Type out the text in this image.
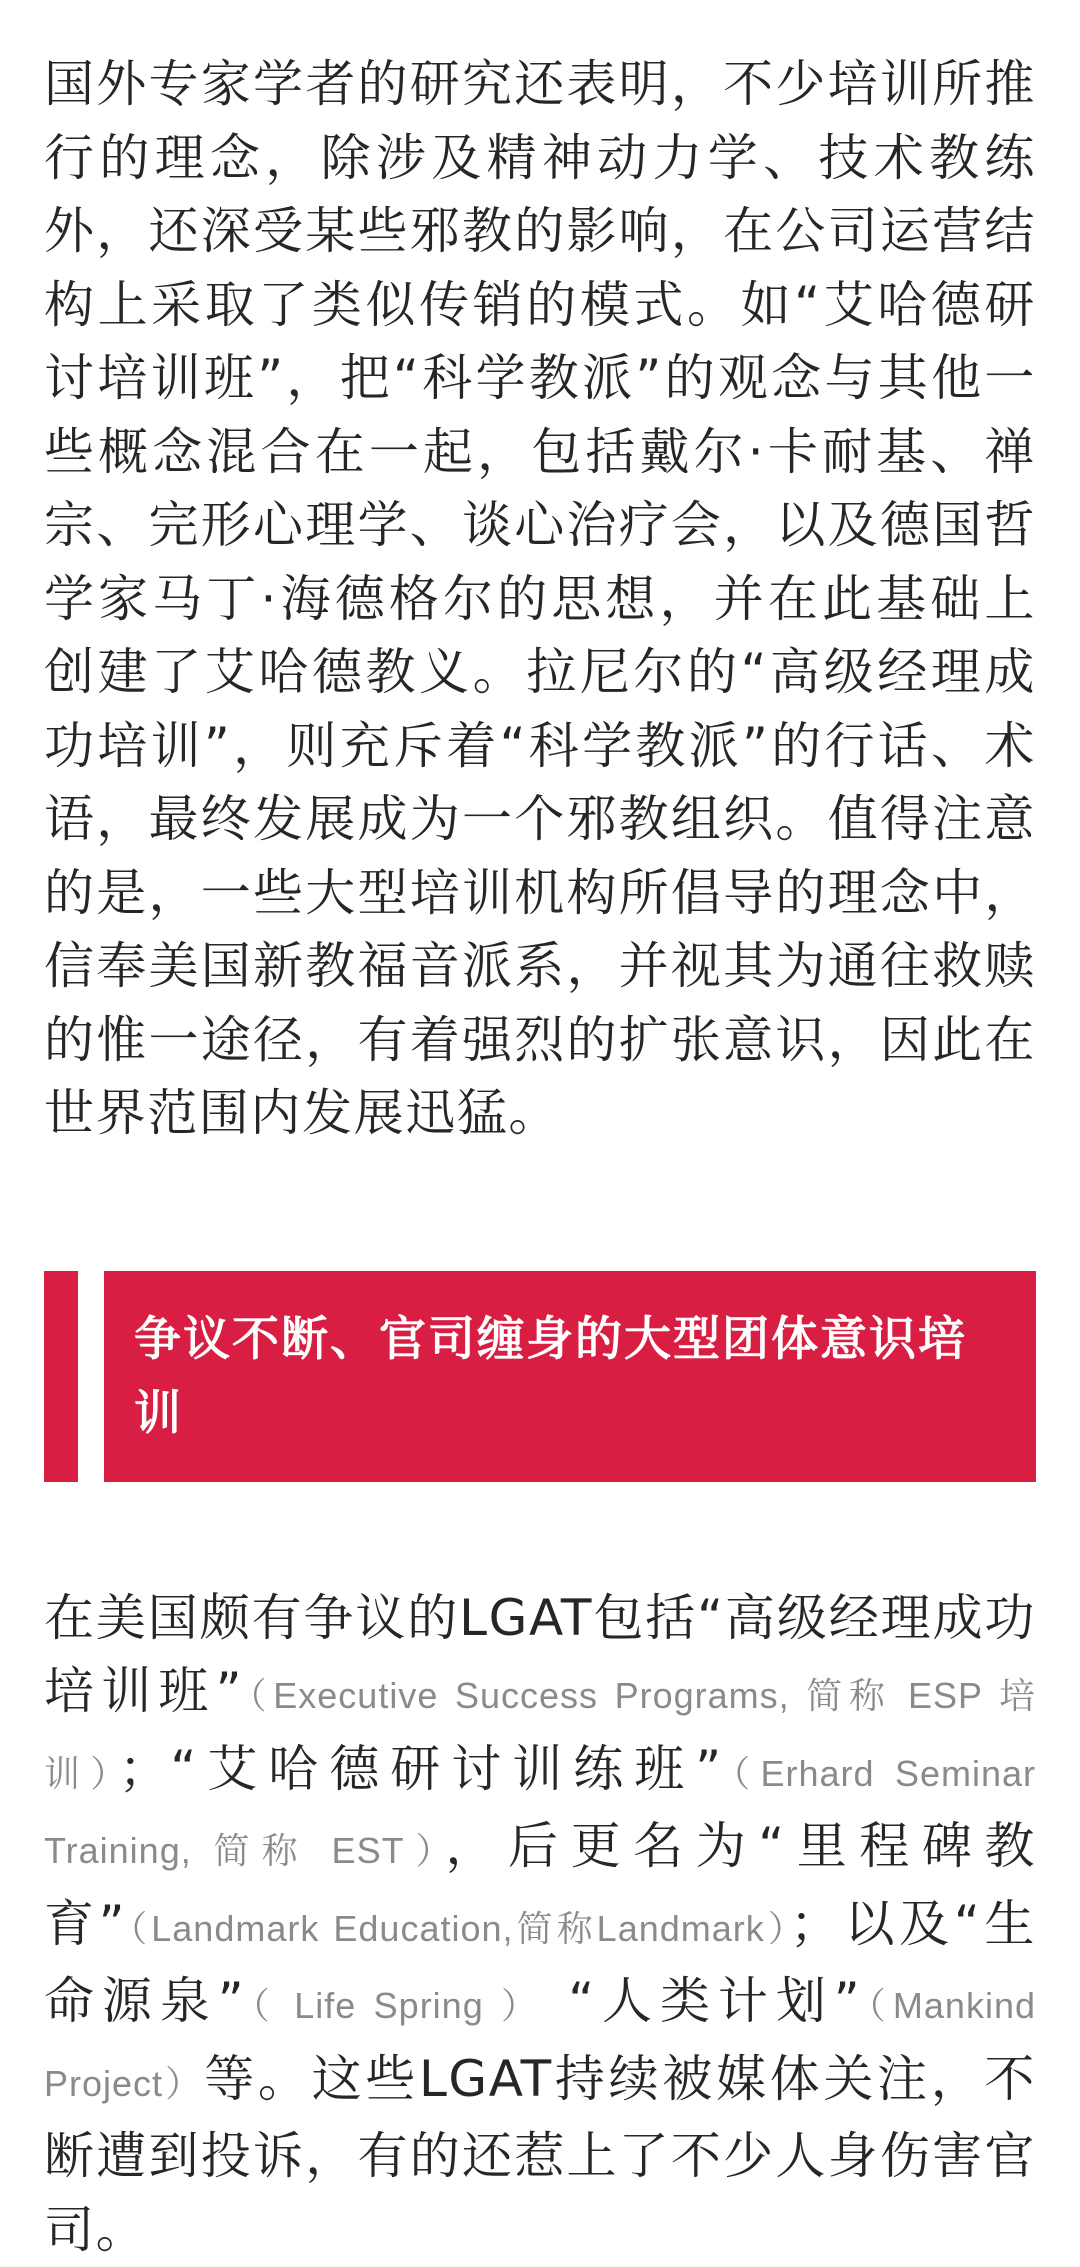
国外专家学者的研究还表明，不少培训所推行的理念，除涉及精神动力学、技术教练外，还深受某些邪教的影响，在公司运营结构上采取了类似传销的模式。如“艾哈德研讨培训班”，把“科学教派”的观念与其他一些概念混合在一起，包括戴尔·卡耐基、禅宗、完形心理学、谈心治疗会，以及德国哲学家马丁·海德格尔的思想，并在此基础上创建了艾哈德教义。拉尼尔的“高级经理成功培训”，则充斥着“科学教派”的行话、术语，最终发展成为一个邪教组织。值得注意的是，一些大型培训机构所倡导的理念中，信奉美国新教福音派系，并视其为通往救赎的惟一途径，有着强烈的扩张意识，因此在世界范围内发展迅猛。

争议不断、官司缠身的大型团体意识培训

在美国颇有争议的LGAT包括“高级经理成功培训班”（Executive Success Programs, 简称 ESP 培训）；“艾哈德研讨训练班”（Erhard Seminar Training, 简称 EST），后更名为“里程碑教育”（Landmark Education,简称Landmark）；以及“生命源泉”（ Life Spring ） “人类计划”（Mankind Project）等。这些LGAT持续被媒体关注，不断遭到投诉，有的还惹上了不少人身伤害官司。
